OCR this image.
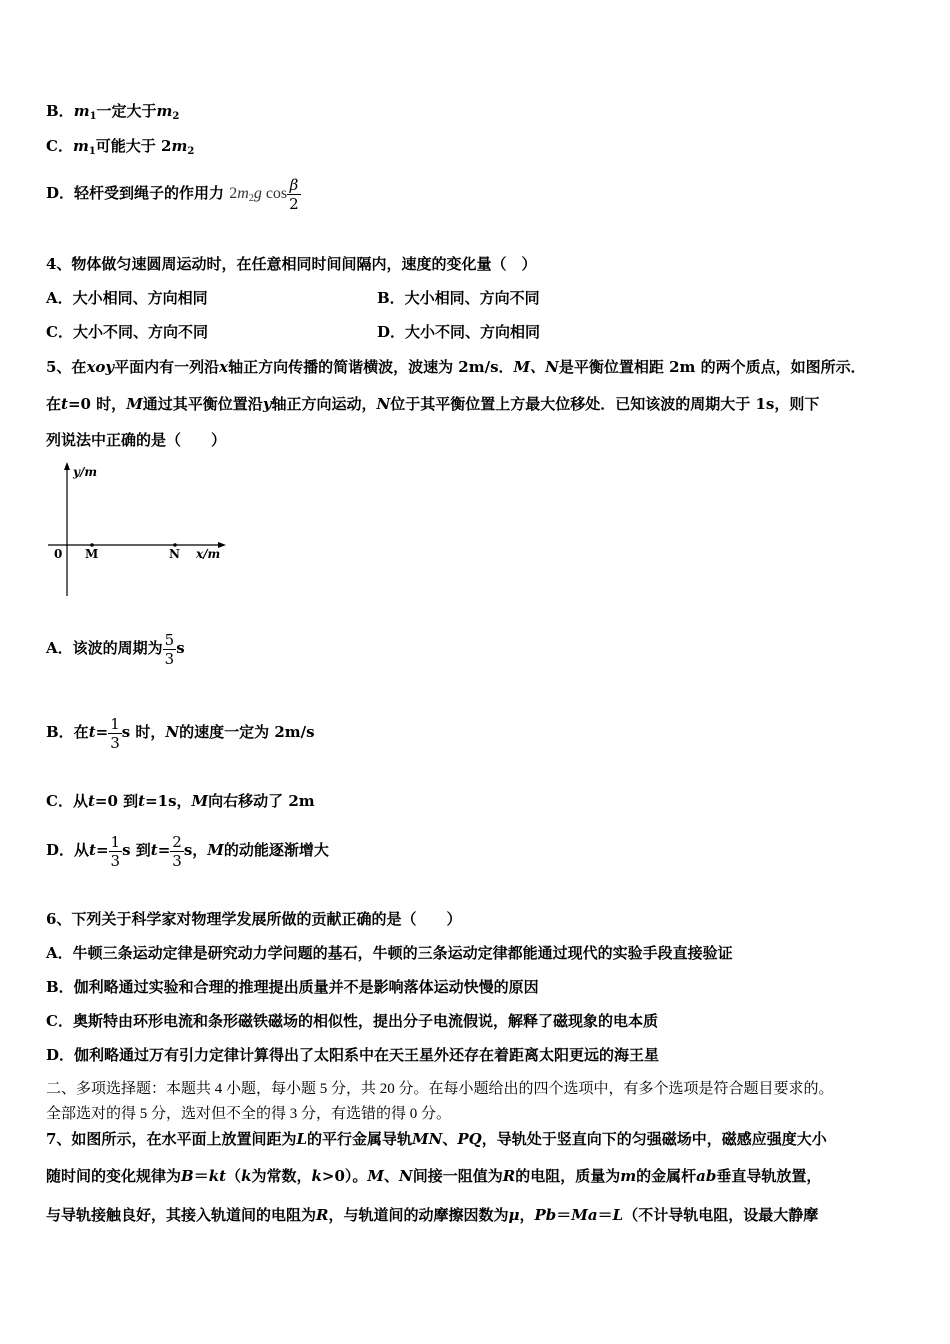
B．$m_1$一定大于$m_2$
C．$m_1$可能大于 $2m_2$
D．轻杆受到绳子的作用力 $2m_2g$ $\cos \frac{\beta}{2}$
4、物体做匀速圆周运动时，在任意相同时间间隔内，速度的变化量（　）
A．大小相同、方向相同	B．大小相同、方向不同
C．大小不同、方向不同	D．大小不同、方向相同
5、在xoy平面内有一列沿x轴正方向传播的简谐横波，波速为 2m/s．M、N是平衡位置相距 2m 的两个质点，如图所示．
在t=0 时，M通过其平衡位置沿y轴正方向运动，N位于其平衡位置上方最大位移处．已知该波的周期大于 1s，则下
列说法中正确的是（　　）
y/m
x/m
0 M	N
A．该波的周期为 $\frac{5}{3}$ s
B．在$t= \frac{1}{3}$ s 时，N的速度一定为 2m/s
C．从t=0 到t=1s，M向右移动了 2m
D．从$t= \frac{1}{3}$ s 到$t= \frac{2}{3}$ s，M的动能逐渐增大
6、下列关于科学家对物理学发展所做的贡献正确的是（　　）
A．牛顿三条运动定律是研究动力学问题的基石，牛顿的三条运动定律都能通过现代的实验手段直接验证
B．伽利略通过实验和合理的推理提出质量并不是影响落体运动快慢的原因
C．奥斯特由环形电流和条形磁铁磁场的相似性，提出分子电流假说，解释了磁现象的电本质
D．伽利略通过万有引力定律计算得出了太阳系中在天王星外还存在着距离太阳更远的海王星
二、多项选择题：本题共 4 小题，每小题 5 分，共 20 分。在每小题给出的四个选项中，有多个选项是符合题目要求的。
全部选对的得 5 分，选对但不全的得 3 分，有选错的得 0 分。
7、如图所示，在水平面上放置间距为L的平行金属导轨MN、PQ，导轨处于竖直向下的匀强磁场中，磁感应强度大小
随时间的变化规律为B＝kt（k为常数，k>0）。M、N间接一阻值为R的电阻，质量为m的金属杆ab垂直导轨放置，
与导轨接触良好，其接入轨道间的电阻为R，与轨道间的动摩擦因数为μ，Pb＝Ma＝L（不计导轨电阻，设最大静摩
